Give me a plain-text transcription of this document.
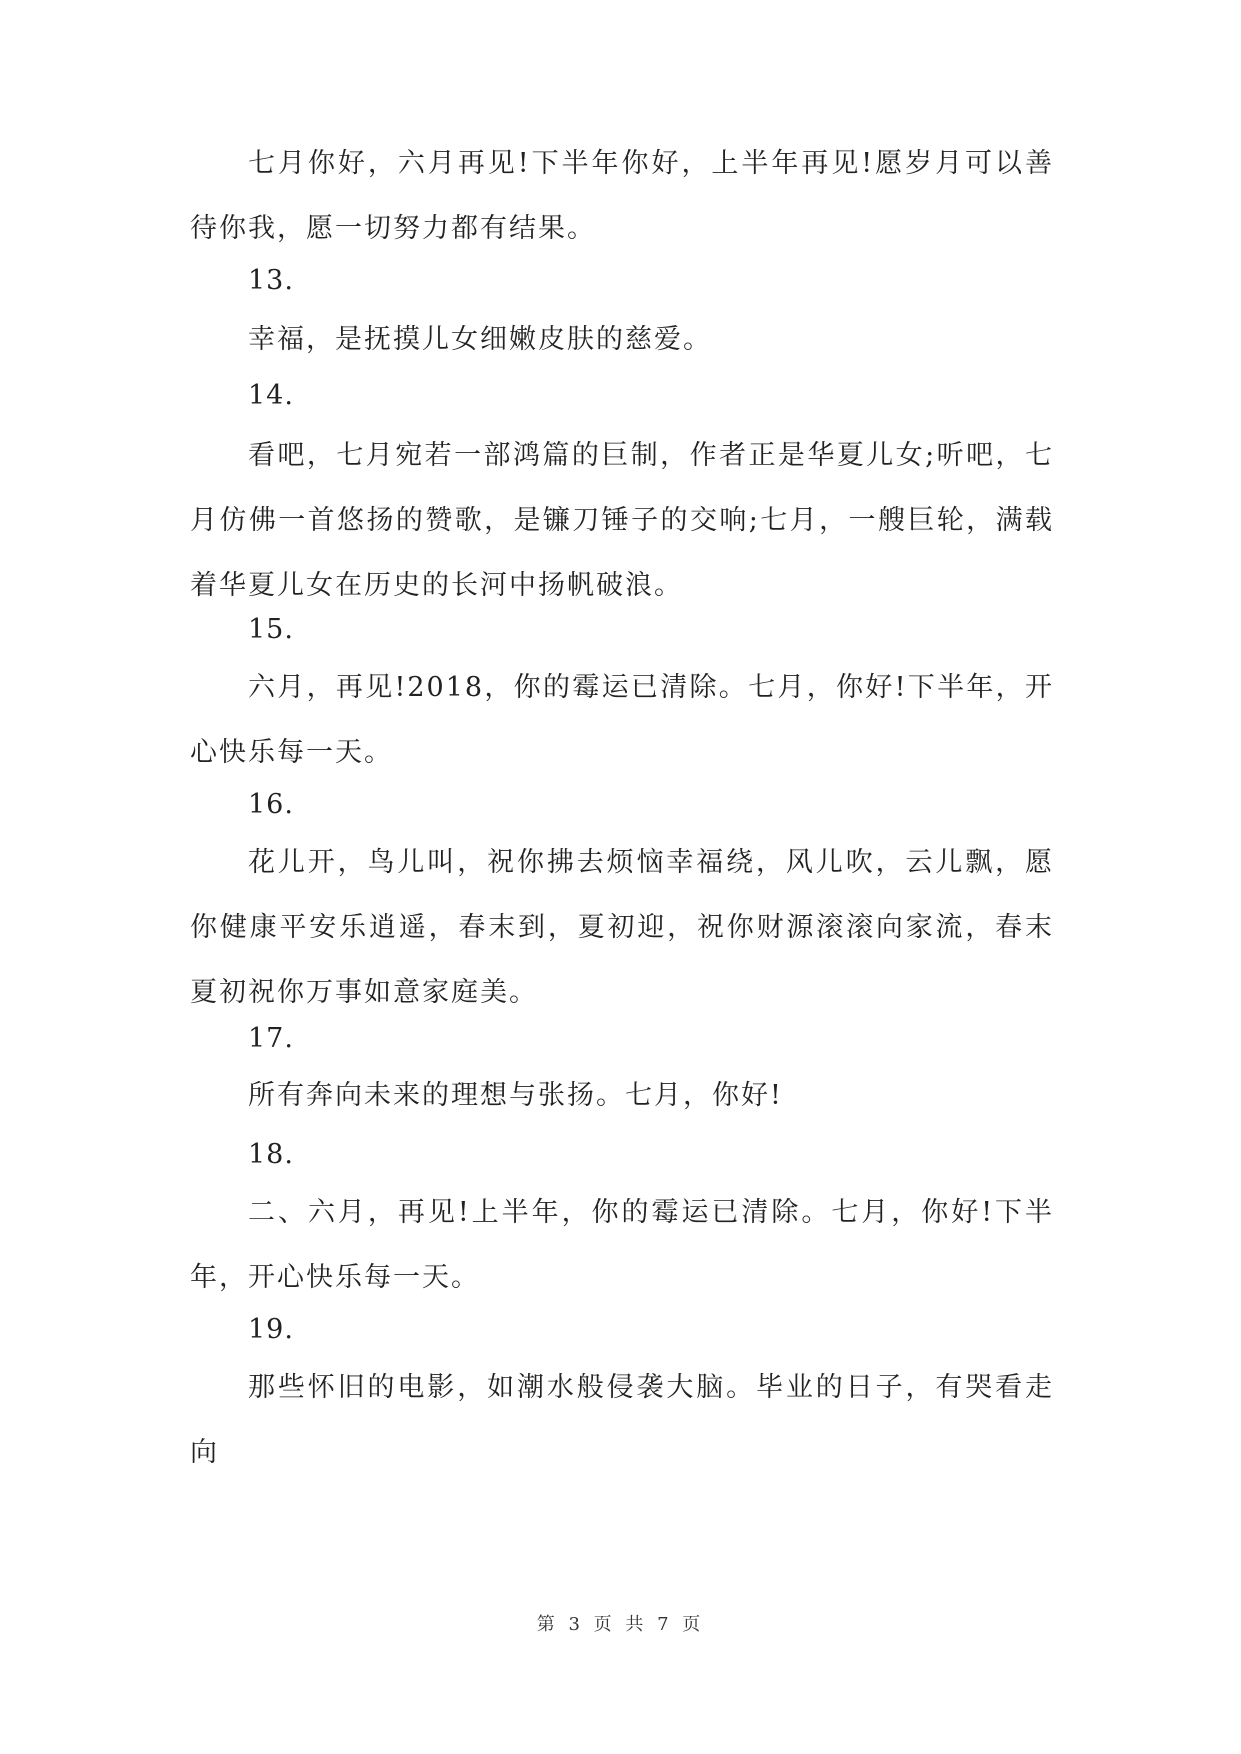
七月你好，六月再见!下半年你好，上半年再见!愿岁月可以善待你我，愿一切努力都有结果。

13.

幸福，是抚摸儿女细嫩皮肤的慈爱。

14.

看吧，七月宛若一部鸿篇的巨制，作者正是华夏儿女;听吧，七月仿佛一首悠扬的赞歌，是镰刀锤子的交响;七月，一艘巨轮，满载着华夏儿女在历史的长河中扬帆破浪。

15.

六月，再见!2018，你的霉运已清除。七月，你好!下半年，开心快乐每一天。

16.

花儿开，鸟儿叫，祝你拂去烦恼幸福绕，风儿吹，云儿飘，愿你健康平安乐逍遥，春末到，夏初迎，祝你财源滚滚向家流，春末夏初祝你万事如意家庭美。

17.

所有奔向未来的理想与张扬。七月，你好!

18.

二、六月，再见!上半年，你的霉运已清除。七月，你好!下半年，开心快乐每一天。

19.

那些怀旧的电影，如潮水般侵袭大脑。毕业的日子，有哭看走向

第 3 页 共 7 页
